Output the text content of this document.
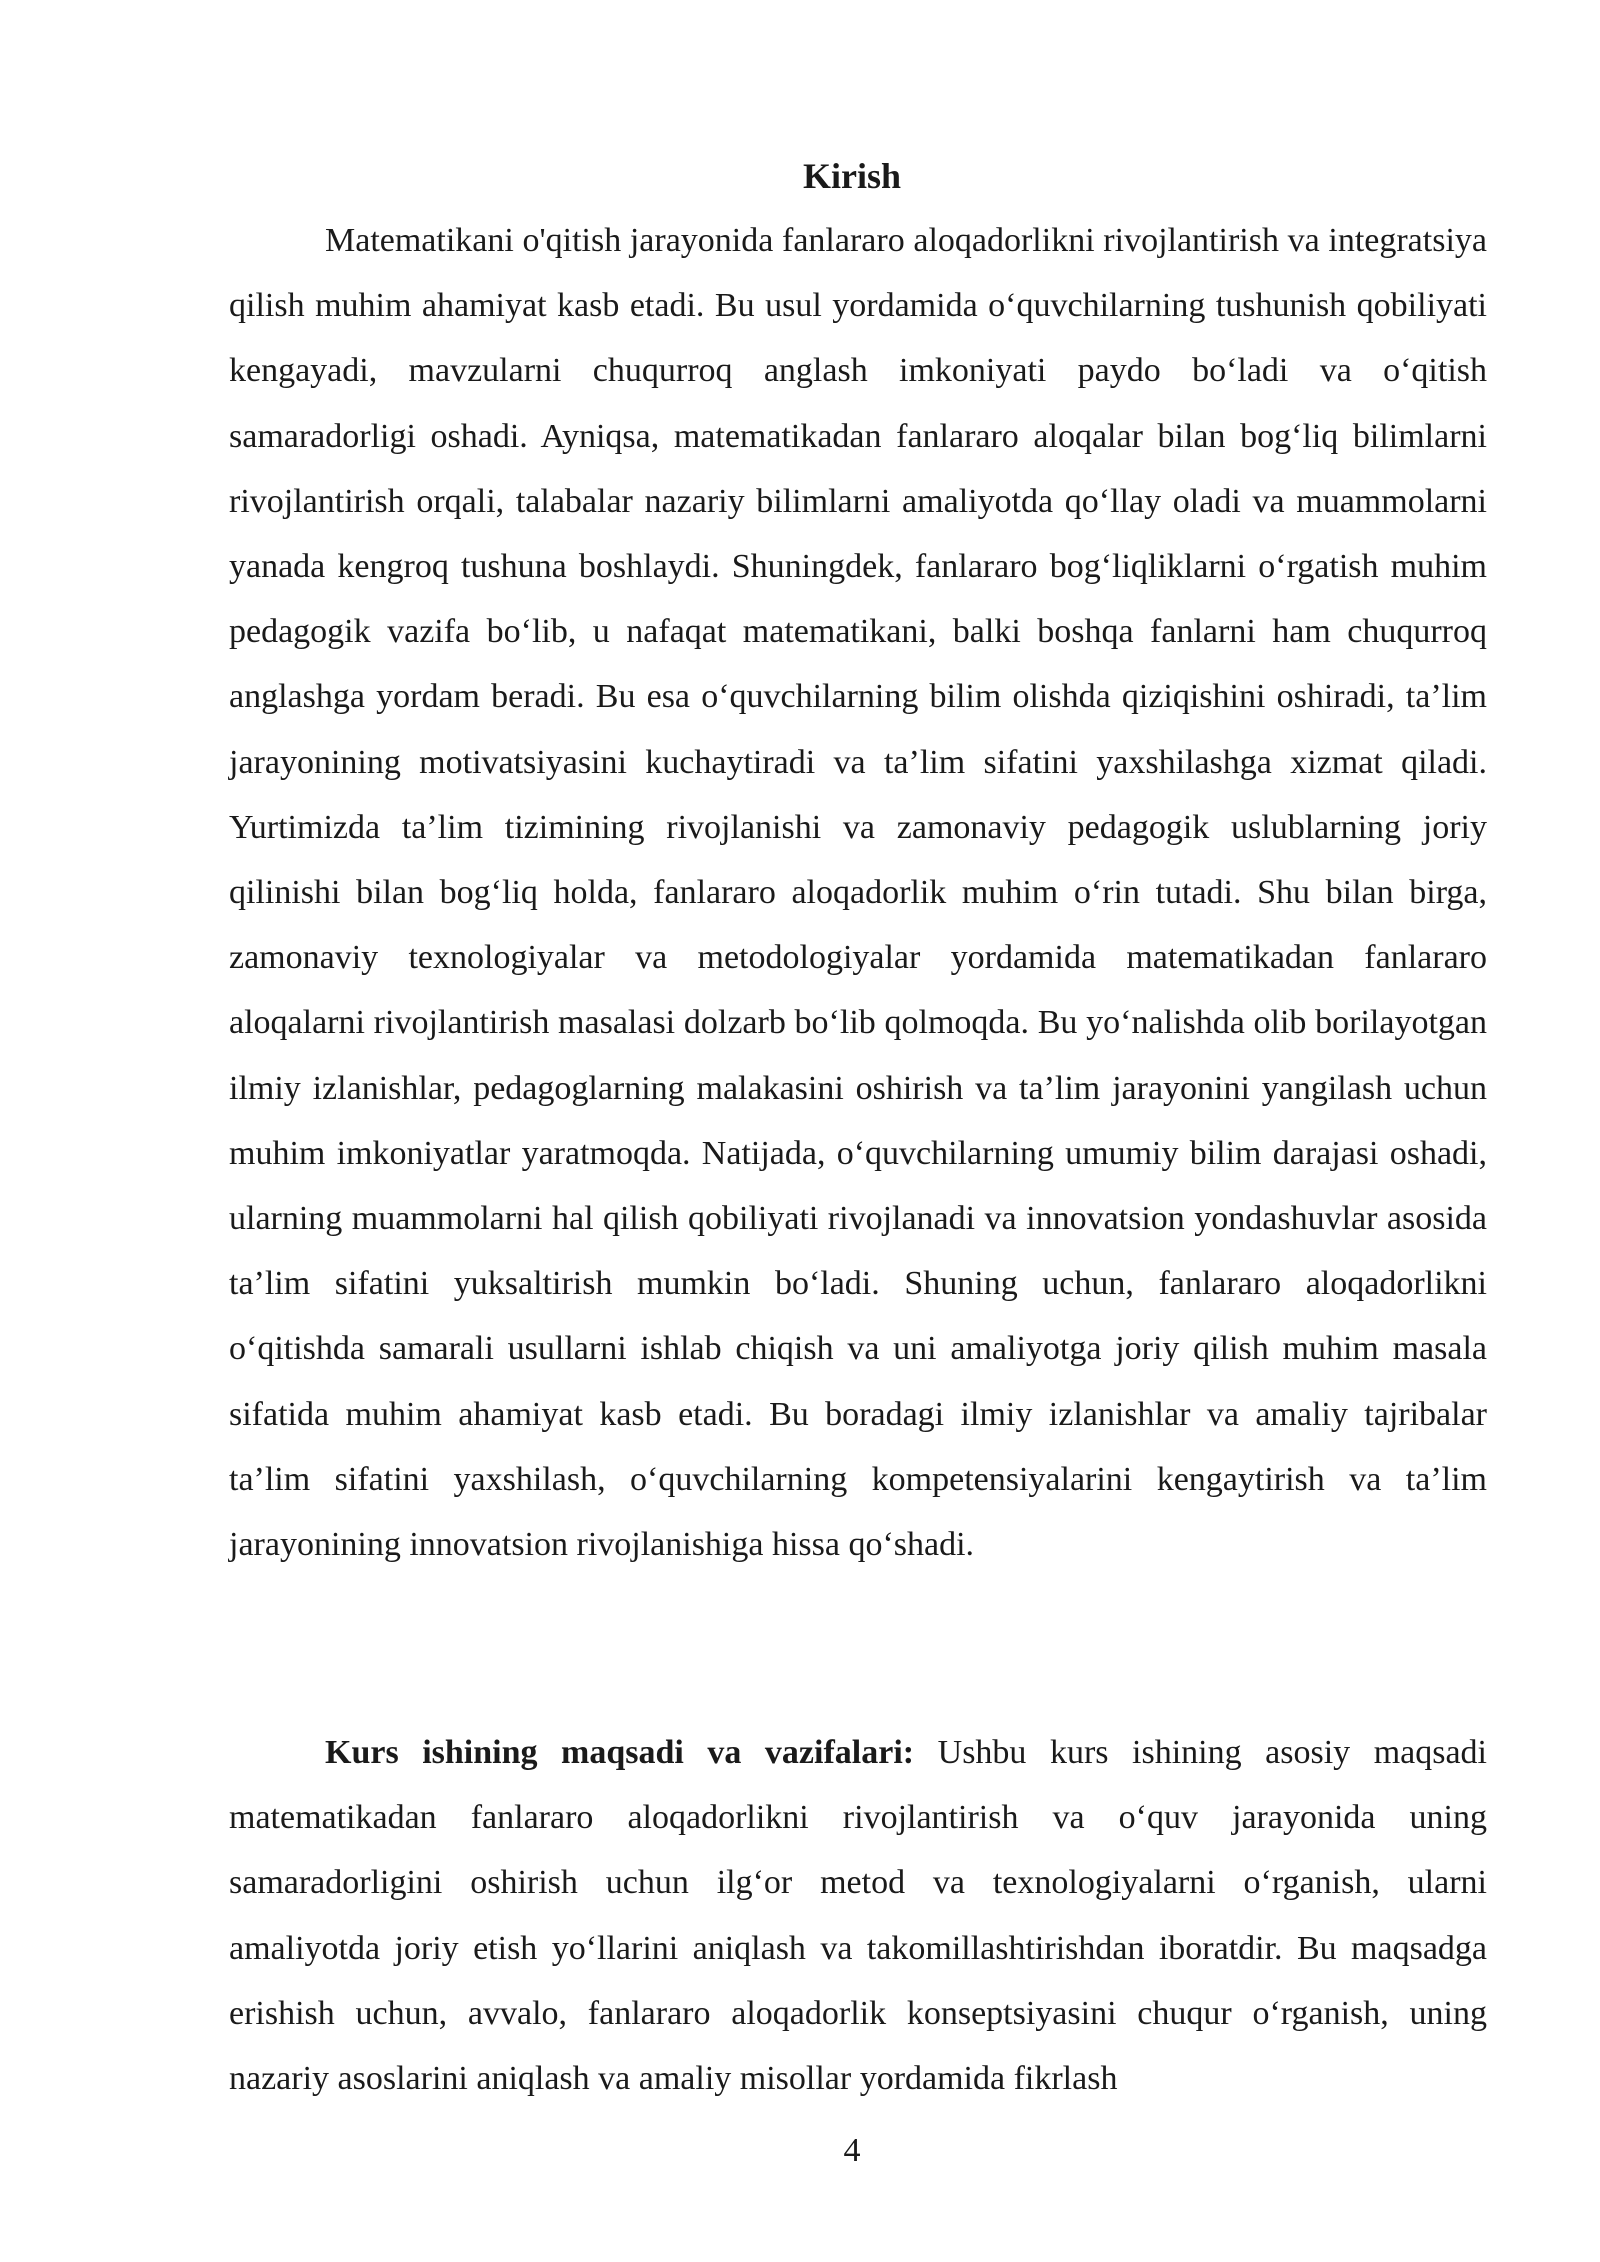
Kirish

Matematikani o'qitish jarayonida fanlararo aloqadorlikni rivojlantirish va integratsiya qilish muhim ahamiyat kasb etadi. Bu usul yordamida o‘quvchilarning tushunish qobiliyati kengayadi, mavzularni chuqurroq anglash imkoniyati paydo bo‘ladi va o‘qitish samaradorligi oshadi. Ayniqsa, matematikadan fanlararo aloqalar bilan bog‘liq bilimlarni rivojlantirish orqali, talabalar nazariy bilimlarni amaliyotda qo‘llay oladi va muammolarni yanada kengroq tushuna boshlaydi. Shuningdek, fanlararo bog‘liqliklarni o‘rgatish muhim pedagogik vazifa bo‘lib, u nafaqat matematikani, balki boshqa fanlarni ham chuqurroq anglashga yordam beradi. Bu esa o‘quvchilarning bilim olishda qiziqishini oshiradi, ta’lim jarayonining motivatsiyasini kuchaytiradi va ta’lim sifatini yaxshilashga xizmat qiladi. Yurtimizda ta’lim tizimining rivojlanishi va zamonaviy pedagogik uslublarning joriy qilinishi bilan bog‘liq holda, fanlararo aloqadorlik muhim o‘rin tutadi. Shu bilan birga, zamonaviy texnologiyalar va metodologiyalar yordamida matematikadan fanlararo aloqalarni rivojlantirish masalasi dolzarb bo‘lib qolmoqda. Bu yo‘nalishda olib borilayotgan ilmiy izlanishlar, pedagoglarning malakasini oshirish va ta’lim jarayonini yangilash uchun muhim imkoniyatlar yaratmoqda. Natijada, o‘quvchilarning umumiy bilim darajasi oshadi, ularning muammolarni hal qilish qobiliyati rivojlanadi va innovatsion yondashuvlar asosida ta’lim sifatini yuksaltirish mumkin bo‘ladi. Shuning uchun, fanlararo aloqadorlikni o‘qitishda samarali usullarni ishlab chiqish va uni amaliyotga joriy qilish muhim masala sifatida muhim ahamiyat kasb etadi. Bu boradagi ilmiy izlanishlar va amaliy tajribalar ta’lim sifatini yaxshilash, o‘quvchilarning kompetensiyalarini kengaytirish va ta’lim jarayonining innovatsion rivojlanishiga hissa qo‘shadi.

Kurs ishining maqsadi va vazifalari: Ushbu kurs ishining asosiy maqsadi matematikadan fanlararo aloqadorlikni rivojlantirish va o‘quv jarayonida uning samaradorligini oshirish uchun ilg‘or metod va texnologiyalarni o‘rganish, ularni amaliyotda joriy etish yo‘llarini aniqlash va takomillashtirishdan iboratdir. Bu maqsadga erishish uchun, avvalo, fanlararo aloqadorlik konseptsiyasini chuqur o‘rganish, uning nazariy asoslarini aniqlash va amaliy misollar yordamida fikrlash

4
